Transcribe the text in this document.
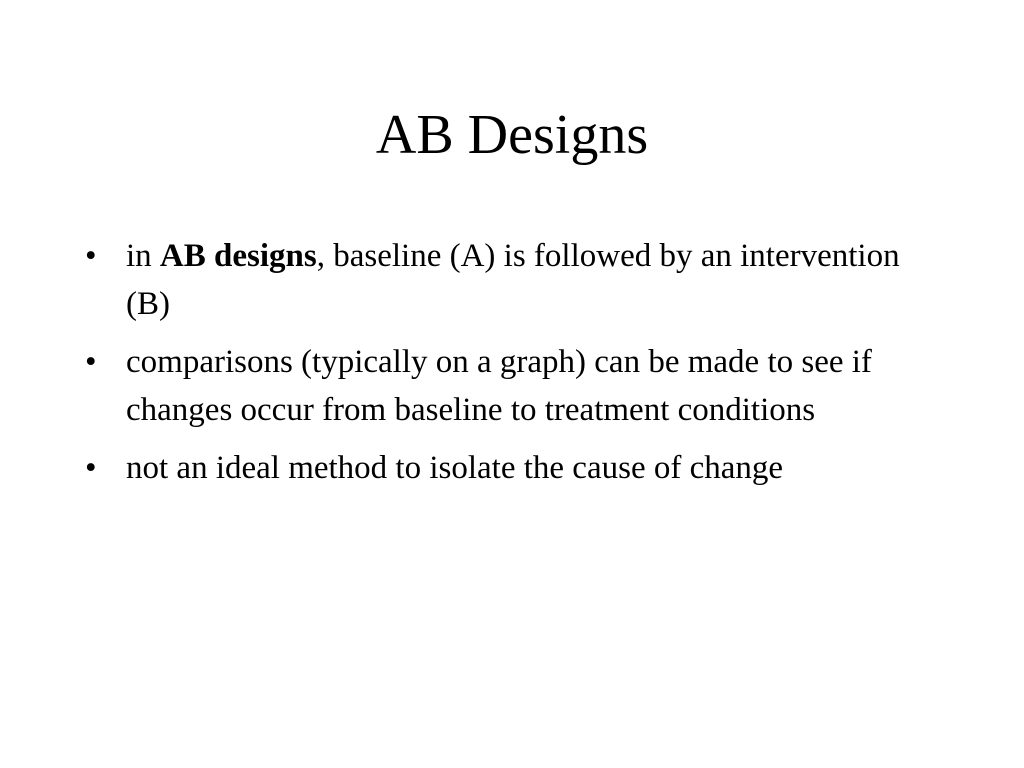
AB Designs
• in AB designs, baseline (A) is followed by an intervention (B)
• comparisons (typically on a graph) can be made to see if changes occur from baseline to treatment conditions
• not an ideal method to isolate the cause of change
